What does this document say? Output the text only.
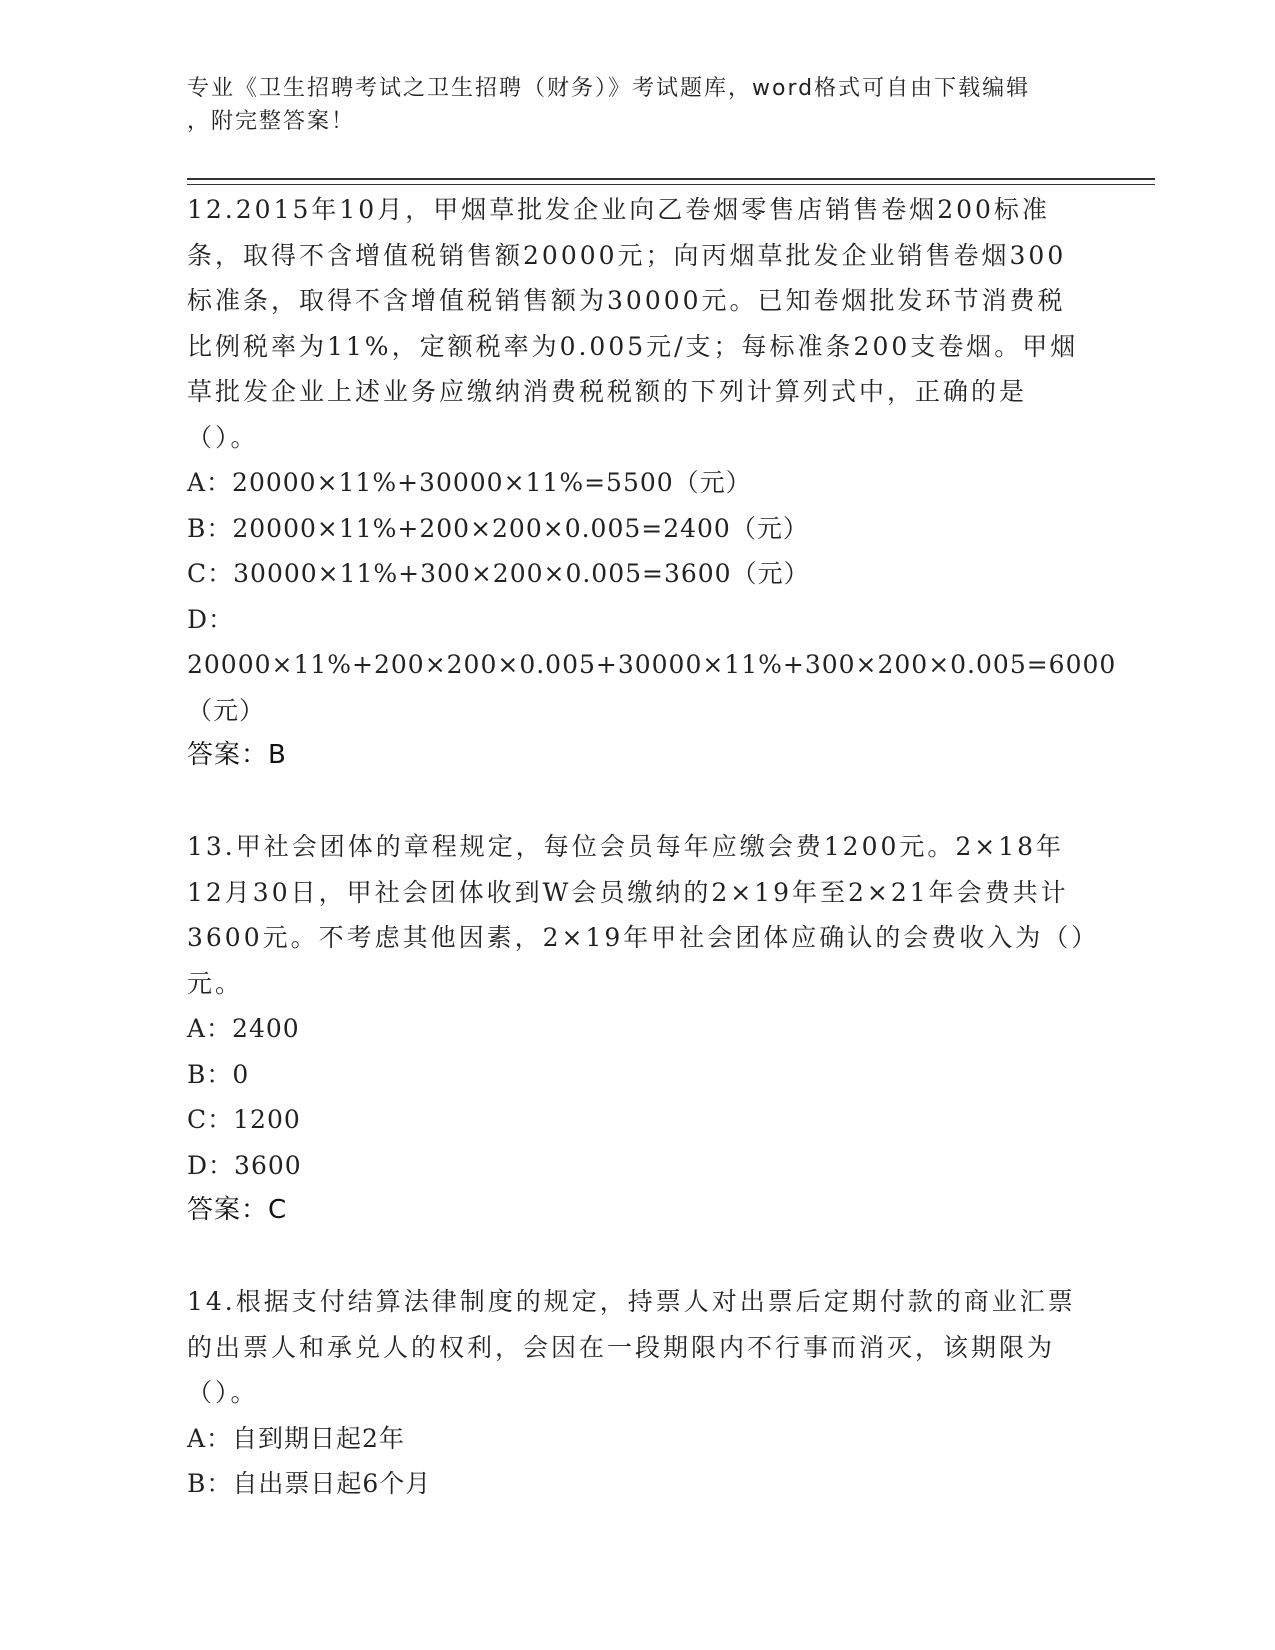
专业《卫生招聘考试之卫生招聘（财务）》考试题库，word格式可自由下载编辑
，附完整答案！

12.2015年10月，甲烟草批发企业向乙卷烟零售店销售卷烟200标准条，取得不含增值税销售额20000元；向丙烟草批发企业销售卷烟300标准条，取得不含增值税销售额为30000元。已知卷烟批发环节消费税比例税率为11%，定额税率为0.005元/支；每标准条200支卷烟。甲烟草批发企业上述业务应缴纳消费税税额的下列计算列式中，正确的是（）。

A：20000×11%+30000×11%=5500（元）

B：20000×11%+200×200×0.005=2400（元）

C：30000×11%+300×200×0.005=3600（元）

D：20000×11%+200×200×0.005+30000×11%+300×200×0.005=6000（元）

答案：B

13.甲社会团体的章程规定，每位会员每年应缴会费1200元。2×18年12月30日，甲社会团体收到W会员缴纳的2×19年至2×21年会费共计3600元。不考虑其他因素，2×19年甲社会团体应确认的会费收入为（）元。

A：2400

B：0

C：1200

D：3600

答案：C

14.根据支付结算法律制度的规定，持票人对出票后定期付款的商业汇票的出票人和承兑人的权利，会因在一段期限内不行事而消灭，该期限为（）。

A：自到期日起2年

B：自出票日起6个月
